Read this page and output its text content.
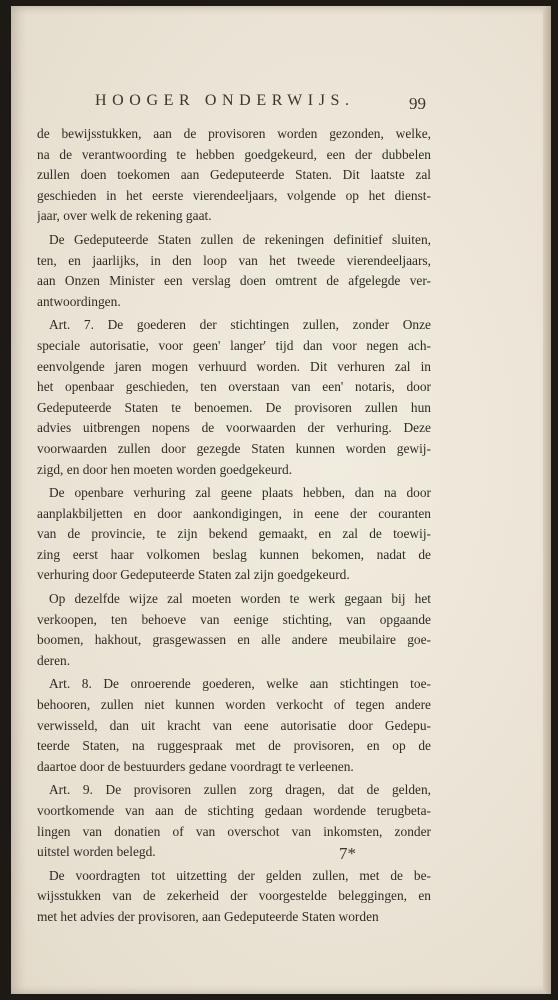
HOOGER ONDERWIJS.	99
de bewijsstukken, aan de provisoren worden gezonden, welke,
na de verantwoording te hebben goedgekeurd, een der dubbelen
zullen doen toekomen aan Gedeputeerde Staten. Dit laatste zal
geschieden in het eerste vierendeeljaars, volgende op het dienst-
jaar, over welk de rekening gaat.
De Gedeputeerde Staten zullen de rekeningen definitief sluiten,
ten, en jaarlijks, in den loop van het tweede vierendeeljaars,
aan Onzen Minister een verslag doen omtrent de afgelegde ver-
antwoordingen.
Art. 7. De goederen der stichtingen zullen, zonder Onze
speciale autorisatie, voor geen' langer' tijd dan voor negen ach-
eenvolgende jaren mogen verhuurd worden. Dit verhuren zal in
het openbaar geschieden, ten overstaan van een' notaris, door
Gedeputeerde Staten te benoemen. De provisoren zullen hun
advies uitbrengen nopens de voorwaarden der verhuring. Deze
voorwaarden zullen door gezegde Staten kunnen worden gewij-
zigd, en door hen moeten worden goedgekeurd.
De openbare verhuring zal geene plaats hebben, dan na door
aanplakbiljetten en door aankondigingen, in eene der couranten
van de provincie, te zijn bekend gemaakt, en zal de toewij-
zing eerst haar volkomen beslag kunnen bekomen, nadat de
verhuring door Gedeputeerde Staten zal zijn goedgekeurd.
Op dezelfde wijze zal moeten worden te werk gegaan bij het
verkoopen, ten behoeve van eenige stichting, van opgaande
boomen, hakhout, grasgewassen en alle andere meubilaire goe-
deren.
Art. 8. De onroerende goederen, welke aan stichtingen toe-
behooren, zullen niet kunnen worden verkocht of tegen andere
verwisseld, dan uit kracht van eene autorisatie door Gedepu-
teerde Staten, na ruggespraak met de provisoren, en op de
daartoe door de bestuurders gedane voordragt te verleenen.
Art. 9. De provisoren zullen zorg dragen, dat de gelden,
voortkomende van aan de stichting gedaan wordende terugbeta-
lingen van donatien of van overschot van inkomsten, zonder
uitstel worden belegd.
De voordragten tot uitzetting der gelden zullen, met de be-
wijsstukken van de zekerheid der voorgestelde beleggingen, en
met het advies der provisoren, aan Gedeputeerde Staten worden
7*
